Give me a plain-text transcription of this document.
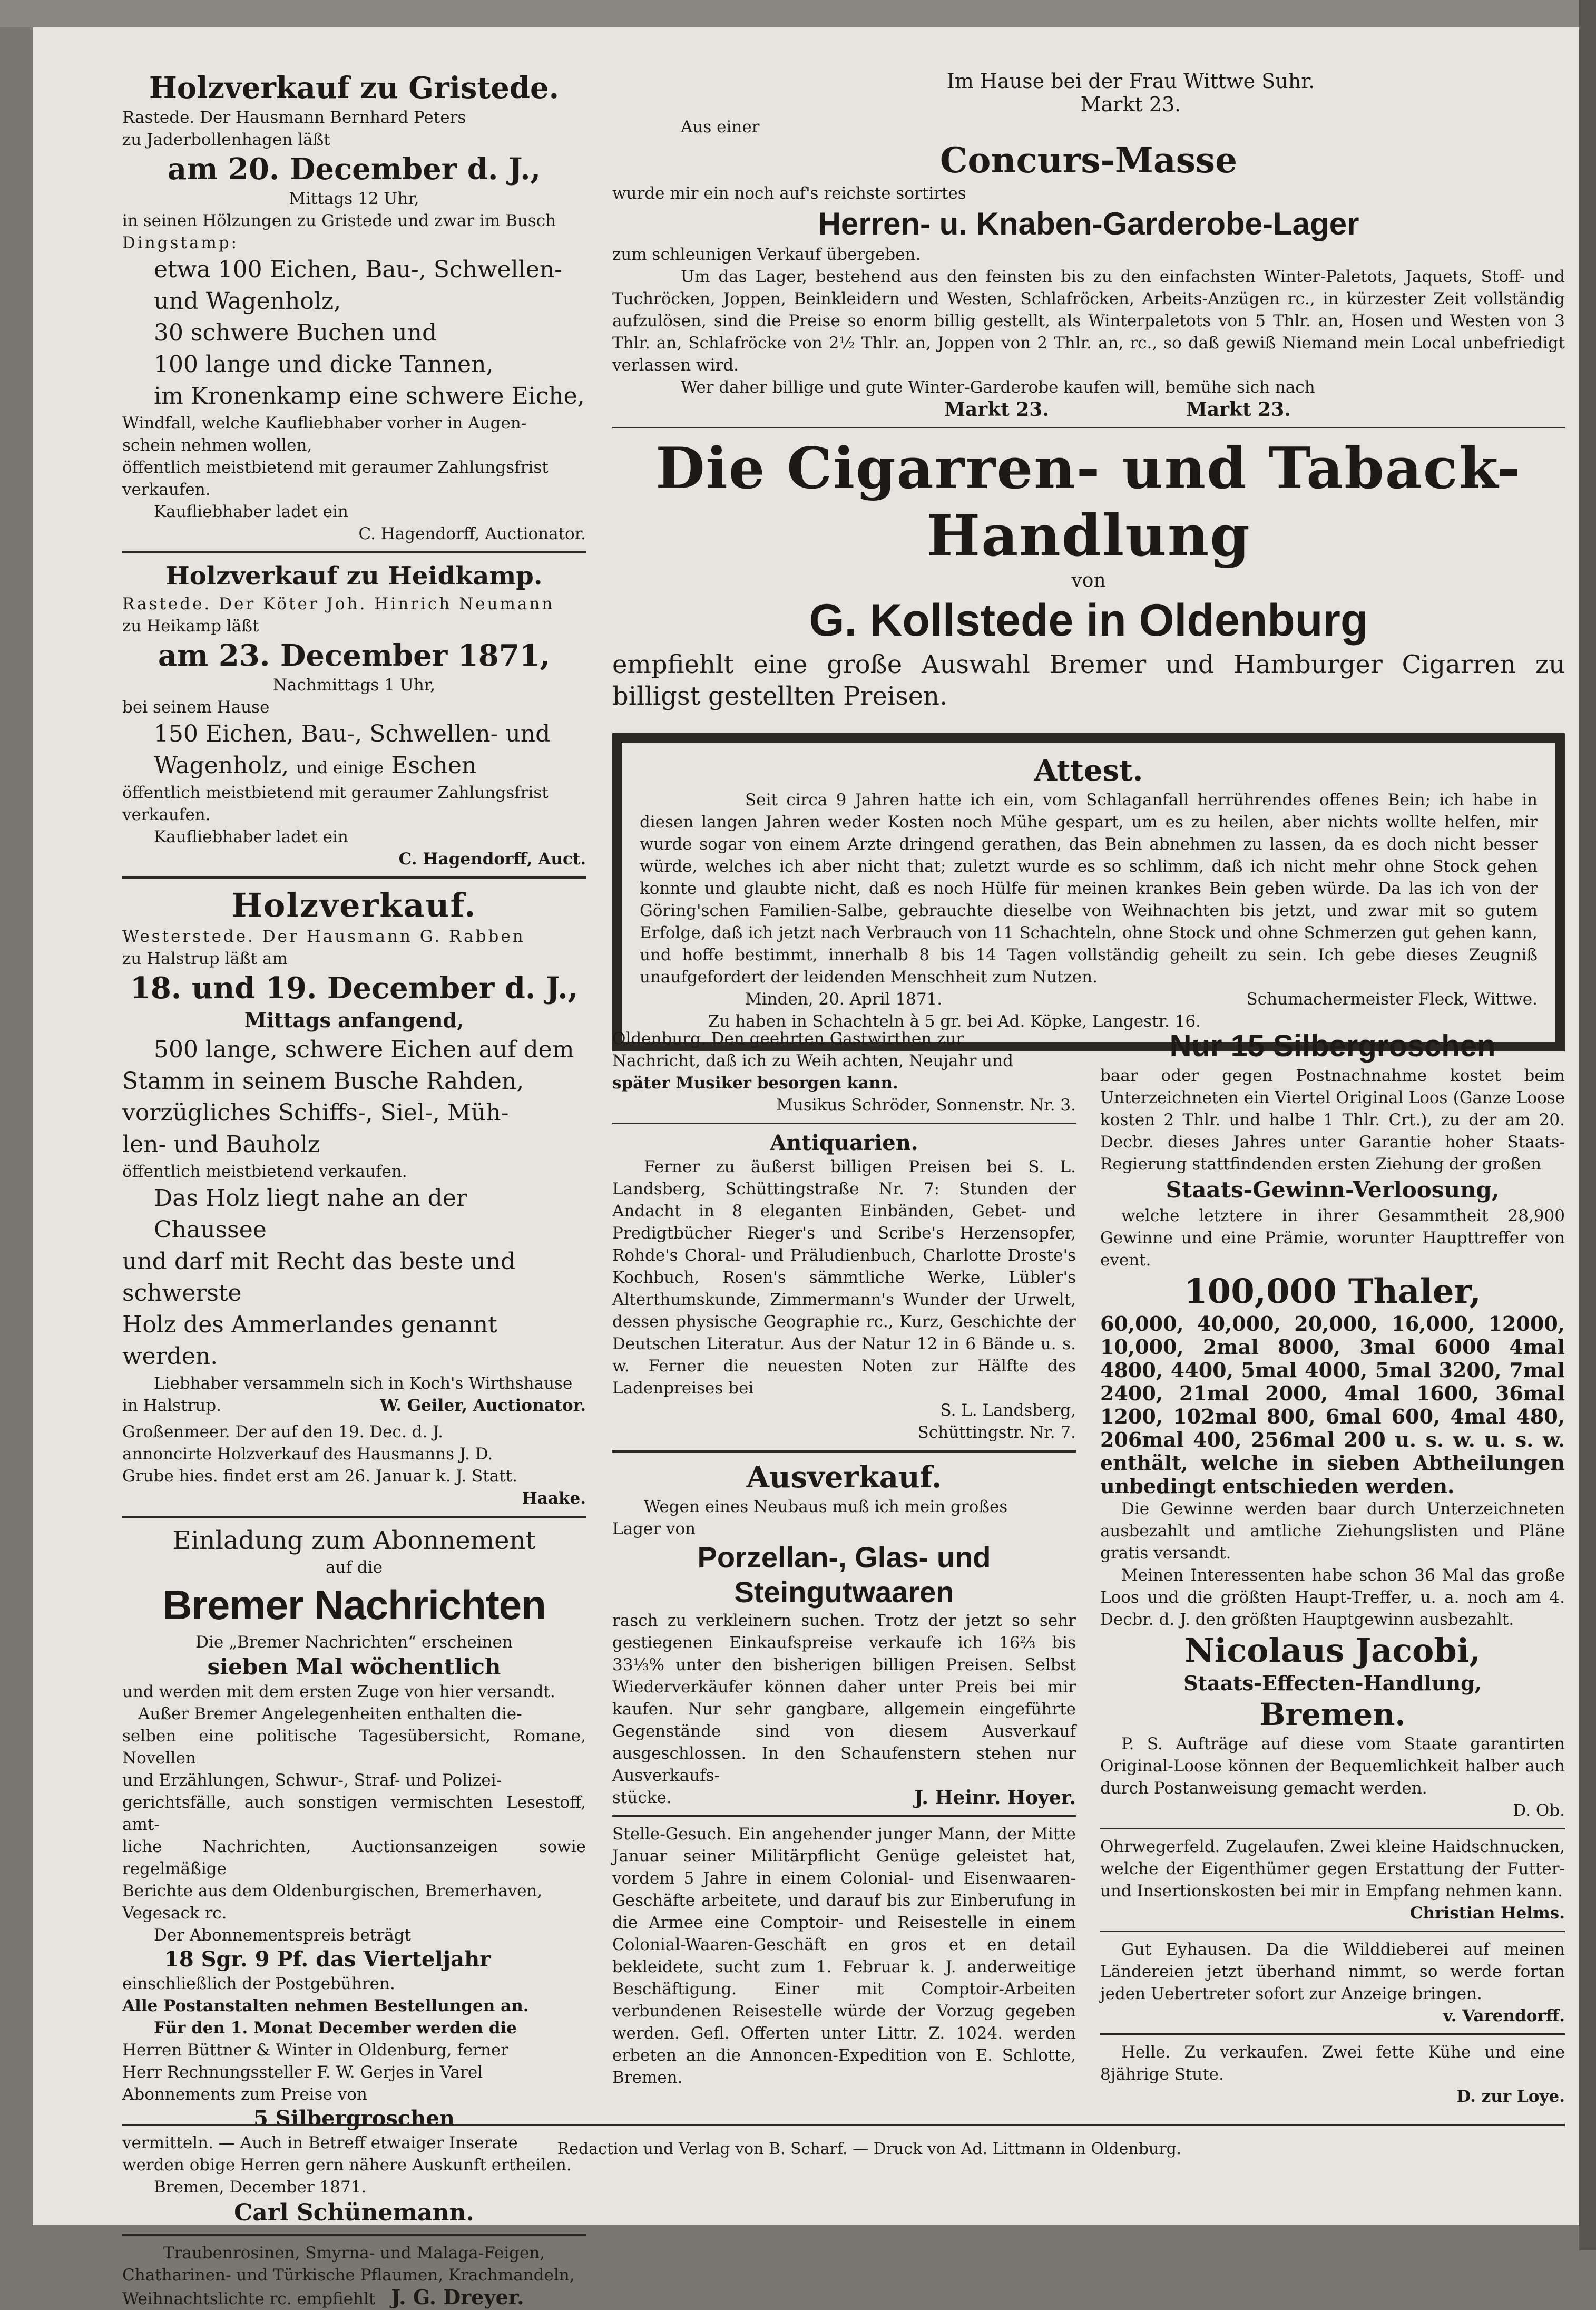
Holzverkauf zu Gristede.

Rastede. Der Hausmann Bernhard Peters

zu Jaderbollenhagen läßt

am 20. December d. J.,

Mittags 12 Uhr,

in seinen Hölzungen zu Gristede und zwar im Busch

Dingstamp:

etwa 100 Eichen, Bau-, Schwellen-

und Wagenholz,

30 schwere Buchen und

100 lange und dicke Tannen,

im Kronenkamp eine schwere Eiche,

Windfall, welche Kaufliebhaber vorher in Augen-

schein nehmen wollen,

öffentlich meistbietend mit geraumer Zahlungsfrist

verkaufen.

Kaufliebhaber ladet ein

C. Hagendorff, Auctionator.

Holzverkauf zu Heidkamp.

Rastede. Der Köter Joh. Hinrich Neumann

zu Heikamp läßt

am 23. December 1871,

Nachmittags 1 Uhr,

bei seinem Hause

150 Eichen, Bau-, Schwellen- und

Wagenholz, und einige Eschen

öffentlich meistbietend mit geraumer Zahlungsfrist

verkaufen.

Kaufliebhaber ladet ein

C. Hagendorff, Auct.

Holzverkauf.

Westerstede. Der Hausmann G. Rabben

zu Halstrup läßt am

18. und 19. December d. J.,

Mittags anfangend,

500 lange, schwere Eichen auf dem

Stamm in seinem Busche Rahden,

vorzügliches Schiffs-, Siel-, Müh-

len- und Bauholz

öffentlich meistbietend verkaufen.

Das Holz liegt nahe an der Chaussee

und darf mit Recht das beste und schwerste

Holz des Ammerlandes genannt werden.

Liebhaber versammeln sich in Koch's Wirthshause

in Halstrup.	W. Geiler, Auctionator.

Großenmeer. Der auf den 19. Dec. d. J.

annoncirte Holzverkauf des Hausmanns J. D.

Grube hies. findet erst am 26. Januar k. J. Statt.

Haake.

Einladung zum Abonnement

auf die

Bremer Nachrichten

Die „Bremer Nachrichten“ erscheinen

sieben Mal wöchentlich

und werden mit dem ersten Zuge von hier versandt.

Außer Bremer Angelegenheiten enthalten die-

selben eine politische Tagesübersicht, Romane, Novellen

und Erzählungen, Schwur-, Straf- und Polizei-

gerichtsfälle, auch sonstigen vermischten Lesestoff, amt-

liche Nachrichten, Auctionsanzeigen sowie regelmäßige

Berichte aus dem Oldenburgischen, Bremerhaven,

Vegesack rc.

Der Abonnementspreis beträgt

18 Sgr. 9 Pf. das Vierteljahr

einschließlich der Postgebühren.

Alle Postanstalten nehmen Bestellungen an.

Für den 1. Monat December werden die

Herren Büttner & Winter in Oldenburg, ferner

Herr Rechnungssteller F. W. Gerjes in Varel

Abonnements zum Preise von

5 Silbergroschen

vermitteln. — Auch in Betreff etwaiger Inserate

werden obige Herren gern nähere Auskunft ertheilen.

Bremen, December 1871.

Carl Schünemann.

Traubenrosinen, Smyrna- und Malaga-Feigen,

Chatharinen- und Türkische Pflaumen, Krachmandeln,

Weihnachtslichte rc. empfiehlt J. G. Dreyer.

Im Hause bei der Frau Wittwe Suhr.

Markt 23.

Aus einer

Concurs-Masse

wurde mir ein noch auf's reichste sortirtes

Herren- u. Knaben-Garderobe-Lager

zum schleunigen Verkauf übergeben.

Um das Lager, bestehend aus den feinsten bis zu den einfachsten Winter-Paletots, Jaquets, Stoff- und Tuchröcken, Joppen, Beinkleidern und Westen, Schlafröcken, Arbeits-Anzügen rc., in kürzester Zeit vollständig aufzulösen, sind die Preise so enorm billig gestellt, als Winterpaletots von 5 Thlr. an, Hosen und Westen von 3 Thlr. an, Schlafröcke von 2½ Thlr. an, Joppen von 2 Thlr. an, rc., so daß gewiß Niemand mein Local unbefriedigt verlassen wird.

Wer daher billige und gute Winter-Garderobe kaufen will, bemühe sich nach

Markt 23.	Markt 23.

Die Cigarren- und Taback-Handlung

von

G. Kollstede in Oldenburg

empfiehlt eine große Auswahl Bremer und Hamburger Cigarren zu billigst gestellten Preisen.

Attest.

Seit circa 9 Jahren hatte ich ein, vom Schlaganfall herrührendes offenes Bein; ich habe in diesen langen Jahren weder Kosten noch Mühe gespart, um es zu heilen, aber nichts wollte helfen, mir wurde sogar von einem Arzte dringend gerathen, das Bein abnehmen zu lassen, da es doch nicht besser würde, welches ich aber nicht that; zuletzt wurde es so schlimm, daß ich nicht mehr ohne Stock gehen konnte und glaubte nicht, daß es noch Hülfe für meinen krankes Bein geben würde. Da las ich von der Göring'schen Familien-Salbe, gebrauchte dieselbe von Weihnachten bis jetzt, und zwar mit so gutem Erfolge, daß ich jetzt nach Verbrauch von 11 Schachteln, ohne Stock und ohne Schmerzen gut gehen kann, und hoffe bestimmt, innerhalb 8 bis 14 Tagen vollständig geheilt zu sein. Ich gebe dieses Zeugniß unaufgefordert der leidenden Menschheit zum Nutzen.

Minden, 20. April 1871.	Schumachermeister Fleck, Wittwe.

Zu haben in Schachteln à 5 gr. bei Ad. Köpke, Langestr. 16.

Oldenburg. Den geehrten Gastwirthen zur

Nachricht, daß ich zu Weih achten, Neujahr und

später Musiker besorgen kann.

Musikus Schröder, Sonnenstr. Nr. 3.

Antiquarien.

Ferner zu äußerst billigen Preisen bei S. L. Landsberg, Schüttingstraße Nr. 7: Stunden der Andacht in 8 eleganten Einbänden, Gebet- und Predigtbücher Rieger's und Scribe's Herzensopfer, Rohde's Choral- und Präludienbuch, Charlotte Droste's Kochbuch, Rosen's sämmtliche Werke, Lübler's Alterthumskunde, Zimmermann's Wunder der Urwelt, dessen physische Geographie rc., Kurz, Geschichte der Deutschen Literatur. Aus der Natur 12 in 6 Bände u. s. w. Ferner die neuesten Noten zur Hälfte des Ladenpreises bei

S. L. Landsberg,

Schüttingstr. Nr. 7.

Ausverkauf.

Wegen eines Neubaus muß ich mein großes

Lager von

Porzellan-, Glas- und Steingutwaaren

rasch zu verkleinern suchen. Trotz der jetzt so sehr gestiegenen Einkaufspreise verkaufe ich 16⅔ bis 33⅓% unter den bisherigen billigen Preisen. Selbst Wiederverkäufer können daher unter Preis bei mir kaufen. Nur sehr gangbare, allgemein eingeführte Gegenstände sind von diesem Ausverkauf ausgeschlossen. In den Schaufenstern stehen nur Ausverkaufs-

stücke.	J. Heinr. Hoyer.

Stelle-Gesuch. Ein angehender junger Mann, der Mitte Januar seiner Militärpflicht Genüge geleistet hat, vordem 5 Jahre in einem Colonial- und Eisenwaaren-Geschäfte arbeitete, und darauf bis zur Einberufung in die Armee eine Comptoir- und Reisestelle in einem Colonial-Waaren-Geschäft en gros et en detail bekleidete, sucht zum 1. Februar k. J. anderweitige Beschäftigung. Einer mit Comptoir-Arbeiten verbundenen Reisestelle würde der Vorzug gegeben werden. Gefl. Offerten unter Littr. Z. 1024. werden erbeten an die Annoncen-Expedition von E. Schlotte, Bremen.

Nur 15 Silbergroschen

baar oder gegen Postnachnahme kostet beim Unterzeichneten ein Viertel Original Loos (Ganze Loose kosten 2 Thlr. und halbe 1 Thlr. Crt.), zu der am 20. Decbr. dieses Jahres unter Garantie hoher Staats-Regierung stattfindenden ersten Ziehung der großen

Staats-Gewinn-Verloosung,

welche letztere in ihrer Gesammtheit 28,900 Gewinne und eine Prämie, worunter Haupttreffer von event.

100,000 Thaler,

60,000, 40,000, 20,000, 16,000, 12000, 10,000, 2mal 8000, 3mal 6000 4mal 4800, 4400, 5mal 4000, 5mal 3200, 7mal 2400, 21mal 2000, 4mal 1600, 36mal 1200, 102mal 800, 6mal 600, 4mal 480, 206mal 400, 256mal 200 u. s. w. u. s. w. enthält, welche in sieben Abtheilungen unbedingt entschieden werden.

Die Gewinne werden baar durch Unterzeichneten ausbezahlt und amtliche Ziehungslisten und Pläne gratis versandt.

Meinen Interessenten habe schon 36 Mal das große Loos und die größten Haupt-Treffer, u. a. noch am 4. Decbr. d. J. den größten Hauptgewinn ausbezahlt.

Nicolaus Jacobi,

Staats-Effecten-Handlung,

Bremen.

P. S. Aufträge auf diese vom Staate garantirten Original-Loose können der Bequemlichkeit halber auch durch Postanweisung gemacht werden.

D. Ob.

Ohrwegerfeld. Zugelaufen. Zwei kleine Haidschnucken, welche der Eigenthümer gegen Erstattung der Futter- und Insertionskosten bei mir in Empfang nehmen kann.

Christian Helms.

Gut Eyhausen. Da die Wilddieberei auf meinen Ländereien jetzt überhand nimmt, so werde fortan jeden Uebertreter sofort zur Anzeige bringen.

v. Varendorff.

Helle. Zu verkaufen. Zwei fette Kühe und eine 8jährige Stute.

D. zur Loye.

Redaction und Verlag von B. Scharf. — Druck von Ad. Littmann in Oldenburg.
